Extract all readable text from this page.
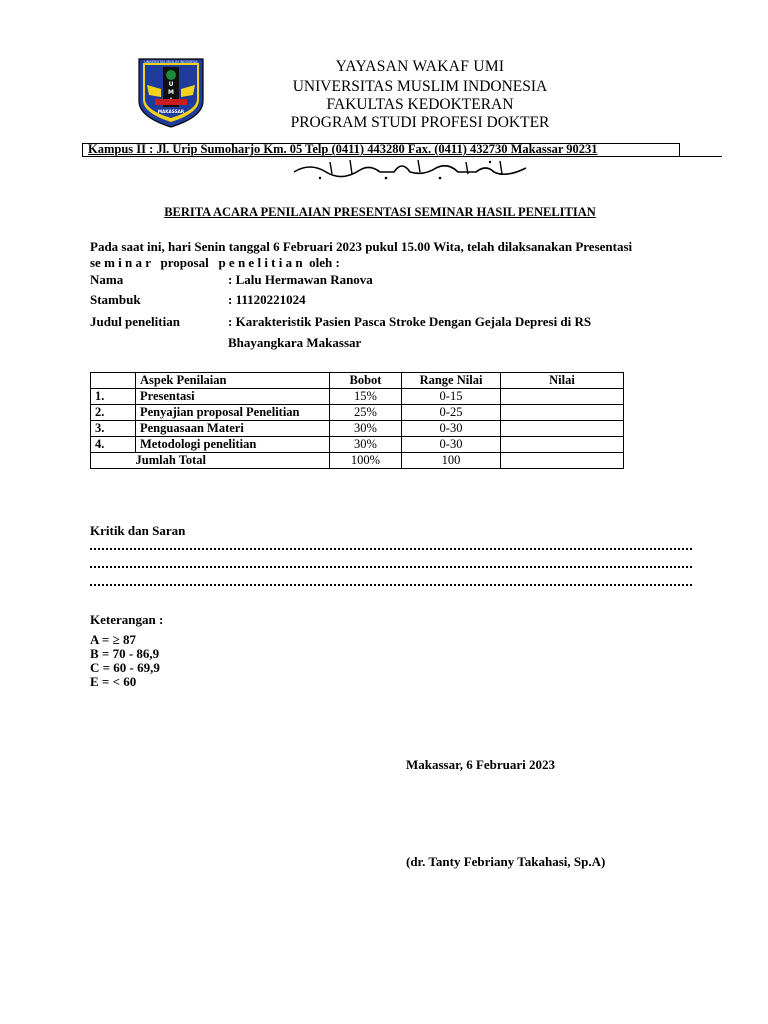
U
M
MAKASSAR
UNIVERSITAS MUSLIM INDONESIA	YAYASAN WAKAF UMI
UNIVERSITAS MUSLIM INDONESIA
FAKULTAS KEDOKTERAN
PROGRAM STUDI PROFESI DOKTER
Kampus II : Jl. Urip Sumoharjo Km. 05 Telp (0411) 443280 Fax. (0411) 432730 Makassar 90231
BERITA ACARA PENILAIAN PRESENTASI SEMINAR HASIL PENELITIAN
Pada saat ini, hari Senin tanggal 6 Februari 2023 pukul 15.00 Wita, telah dilaksanakan Presentasi
se m i n a r   proposal   p e n e l i t i a n  oleh :
Nama	: Lalu Hermawan Ranova
Stambuk	: 11120221024
Judul penelitian	: Karakteristik Pasien Pasca Stroke Dengan Gejala Depresi di RS
Bhayangkara Makassar
	Aspek Penilaian	Bobot	Range Nilai	Nilai
1.	Presentasi	15%	0-15	
2.	Penyajian proposal Penelitian	25%	0-25	
3.	Penguasaan Materi	30%	0-30	
4.	Metodologi penelitian	30%	0-30	
	Jumlah Total	100%	100	
Kritik dan Saran
Keterangan :
A = ≥ 87
B = 70 - 86,9
C = 60 - 69,9
E = < 60
Makassar, 6 Februari 2023
(dr. Tanty Febriany Takahasi, Sp.A)
